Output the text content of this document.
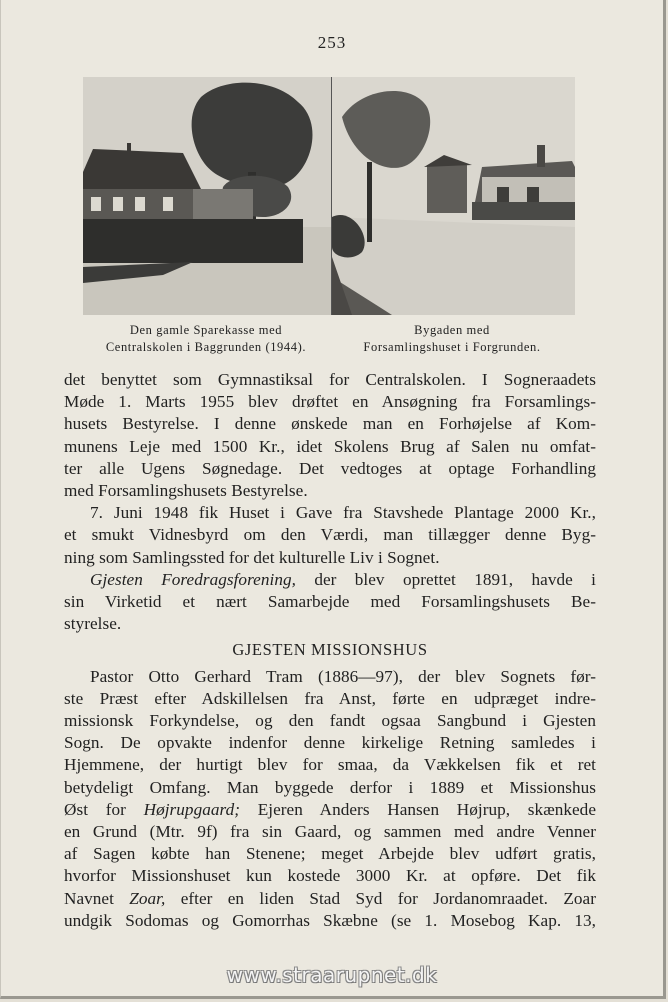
253
Den gamle Sparekasse med
Centralskolen i Baggrunden (1944).
Bygaden med
Forsamlingshuset i Forgrunden.
det benyttet som Gymnastiksal for Centralskolen. I Sogneraadets
Møde 1. Marts 1955 blev drøftet en Ansøgning fra Forsamlings-
husets Bestyrelse. I denne ønskede man en Forhøjelse af Kom-
munens Leje med 1500 Kr., idet Skolens Brug af Salen nu omfat-
ter alle Ugens Søgnedage. Det vedtoges at optage Forhandling
med Forsamlingshusets Bestyrelse.
7. Juni 1948 fik Huset i Gave fra Stavshede Plantage 2000 Kr.,
et smukt Vidnesbyrd om den Værdi, man tillægger denne Byg-
ning som Samlingssted for det kulturelle Liv i Sognet.
Gjesten Foredragsforening, der blev oprettet 1891, havde i
sin Virketid et nært Samarbejde med Forsamlingshusets Be-
styrelse.
GJESTEN MISSIONSHUS
Pastor Otto Gerhard Tram (1886—97), der blev Sognets før-
ste Præst efter Adskillelsen fra Anst, førte en udpræget indre-
missionsk Forkyndelse, og den fandt ogsaa Sangbund i Gjesten
Sogn. De opvakte indenfor denne kirkelige Retning samledes i
Hjemmene, der hurtigt blev for smaa, da Vækkelsen fik et ret
betydeligt Omfang. Man byggede derfor i 1889 et Missionshus
Øst for Højrupgaard; Ejeren Anders Hansen Højrup, skænkede
en Grund (Mtr. 9f) fra sin Gaard, og sammen med andre Venner
af Sagen købte han Stenene; meget Arbejde blev udført gratis,
hvorfor Missionshuset kun kostede 3000 Kr. at opføre. Det fik
Navnet Zoar, efter en liden Stad Syd for Jordanomraadet. Zoar
undgik Sodomas og Gomorrhas Skæbne (se 1. Mosebog Kap. 13,
www.straarupnet.dk
